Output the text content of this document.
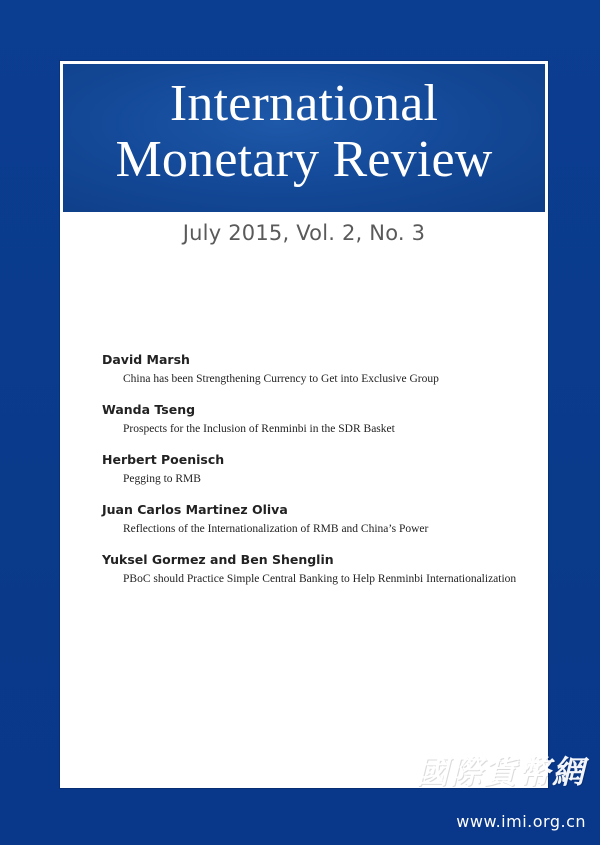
International
Monetary Review
July 2015, Vol. 2, No. 3
David Marsh
China has been Strengthening Currency to Get into Exclusive Group
Wanda Tseng
Prospects for the Inclusion of Renminbi in the SDR Basket
Herbert Poenisch
Pegging to RMB
Juan Carlos Martinez Oliva
Reflections of the Internationalization of RMB and China’s Power
Yuksel Gormez and Ben Shenglin
PBoC should Practice Simple Central Banking to Help Renminbi Internationalization
國際貨幣網
www.imi.org.cn
